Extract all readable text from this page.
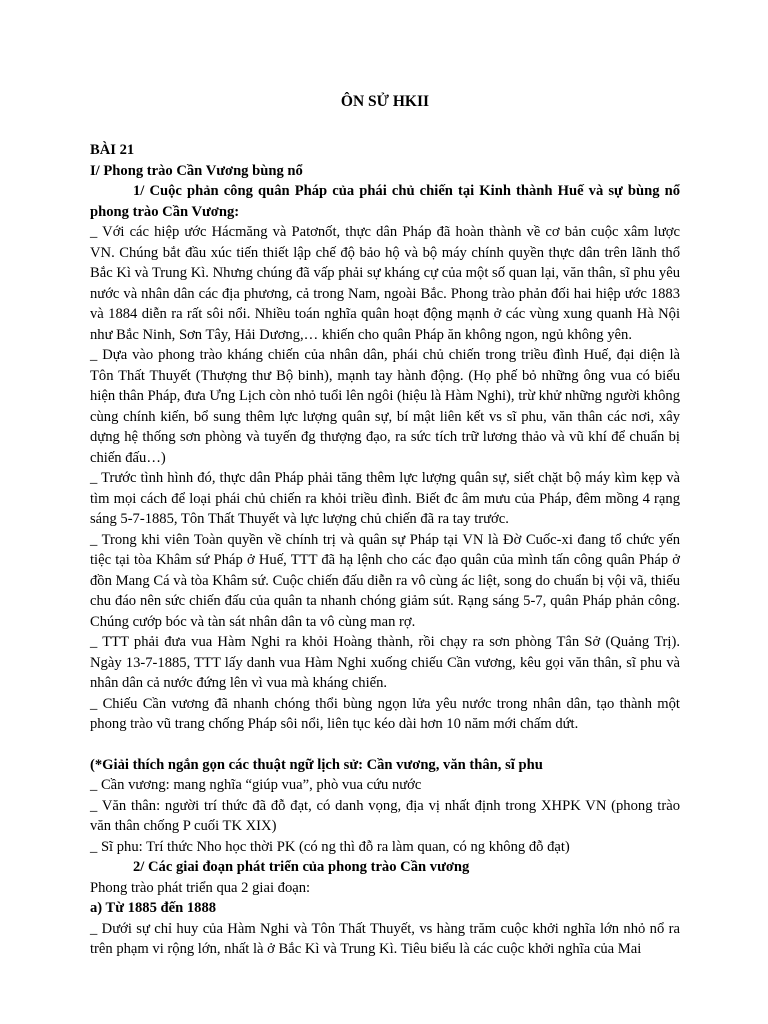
ÔN SỬ HKII

BÀI 21

I/ Phong trào Cần Vương bùng nổ

1/ Cuộc phản công quân Pháp của phái chủ chiến tại Kinh thành Huế và sự bùng nổ phong trào Cần Vương:

_ Với các hiệp ước Hácmăng và Patơnốt, thực dân Pháp đã hoàn thành về cơ bản cuộc xâm lược VN. Chúng bắt đầu xúc tiến thiết lập chế độ bảo hộ và bộ máy chính quyền thực dân trên lãnh thổ Bắc Kì và Trung Kì. Nhưng chúng đã vấp phải sự kháng cự của một số quan lại, văn thân, sĩ phu yêu nước và nhân dân các địa phương, cả trong Nam, ngoài Bắc. Phong trào phản đối hai hiệp ước 1883 và 1884 diễn ra rất sôi nổi. Nhiều toán nghĩa quân hoạt động mạnh ở các vùng xung quanh Hà Nội như Bắc Ninh, Sơn Tây, Hải Dương,… khiến cho quân Pháp ăn không ngon, ngủ không yên.

_ Dựa vào phong trào kháng chiến của nhân dân, phái chủ chiến trong triều đình Huế, đại diện là Tôn Thất Thuyết (Thượng thư Bộ binh), mạnh tay hành động. (Họ phế bỏ những ông vua có biểu hiện thân Pháp, đưa Ưng Lịch còn nhỏ tuổi lên ngôi (hiệu là Hàm Nghi), trừ khử những người không cùng chính kiến, bổ sung thêm lực lượng quân sự, bí mật liên kết vs sĩ phu, văn thân các nơi, xây dựng hệ thống sơn phòng và tuyến đg thượng đạo, ra sức tích trữ lương thảo và vũ khí để chuẩn bị chiến đấu…)

_ Trước tình hình đó, thực dân Pháp phải tăng thêm lực lượng quân sự, siết chặt bộ máy kìm kẹp và tìm mọi cách để loại phái chủ chiến ra khỏi triều đình. Biết đc âm mưu của Pháp, đêm mồng 4 rạng sáng 5-7-1885, Tôn Thất Thuyết và lực lượng chủ chiến đã ra tay trước.

_ Trong khi viên Toàn quyền về chính trị và quân sự Pháp tại VN là Đờ Cuốc-xi đang tổ chức yến tiệc tại tòa Khâm sứ Pháp ở Huế, TTT đã hạ lệnh cho các đạo quân của mình tấn công quân Pháp ở đồn Mang Cá và tòa Khâm sứ. Cuộc chiến đấu diễn ra vô cùng ác liệt, song do chuẩn bị vội vã, thiếu chu đáo nên sức chiến đấu của quân ta nhanh chóng giảm sút. Rạng sáng 5-7, quân Pháp phản công. Chúng cướp bóc và tàn sát nhân dân ta vô cùng man rợ.

_ TTT phải đưa vua Hàm Nghi ra khỏi Hoàng thành, rồi chạy ra sơn phòng Tân Sở (Quảng Trị). Ngày 13-7-1885, TTT lấy danh vua Hàm Nghi xuống chiếu Cần vương, kêu gọi văn thân, sĩ phu và nhân dân cả nước đứng lên vì vua mà kháng chiến.

_ Chiếu Cần vương đã nhanh chóng thổi bùng ngọn lửa yêu nước trong nhân dân, tạo thành một phong trào vũ trang chống Pháp sôi nổi, liên tục kéo dài hơn 10 năm mới chấm dứt.

(*Giải thích ngắn gọn các thuật ngữ lịch sử: Cần vương, văn thân, sĩ phu

_ Cần vương: mang nghĩa “giúp vua”, phò vua cứu nước

_ Văn thân: người trí thức đã đỗ đạt, có danh vọng, địa vị nhất định trong XHPK VN (phong trào văn thân chống P cuối TK XIX)

_ Sĩ phu: Trí thức Nho học thời PK (có ng thì đỗ ra làm quan, có ng không đỗ đạt)

2/ Các giai đoạn phát triển của phong trào Cần vương

Phong trào phát triển qua 2 giai đoạn:

a) Từ 1885 đến 1888

_ Dưới sự chỉ huy của Hàm Nghi và Tôn Thất Thuyết, vs hàng trăm cuộc khởi nghĩa lớn nhỏ nổ ra trên phạm vi rộng lớn, nhất là ở Bắc Kì và Trung Kì. Tiêu biểu là các cuộc khởi nghĩa của Mai
